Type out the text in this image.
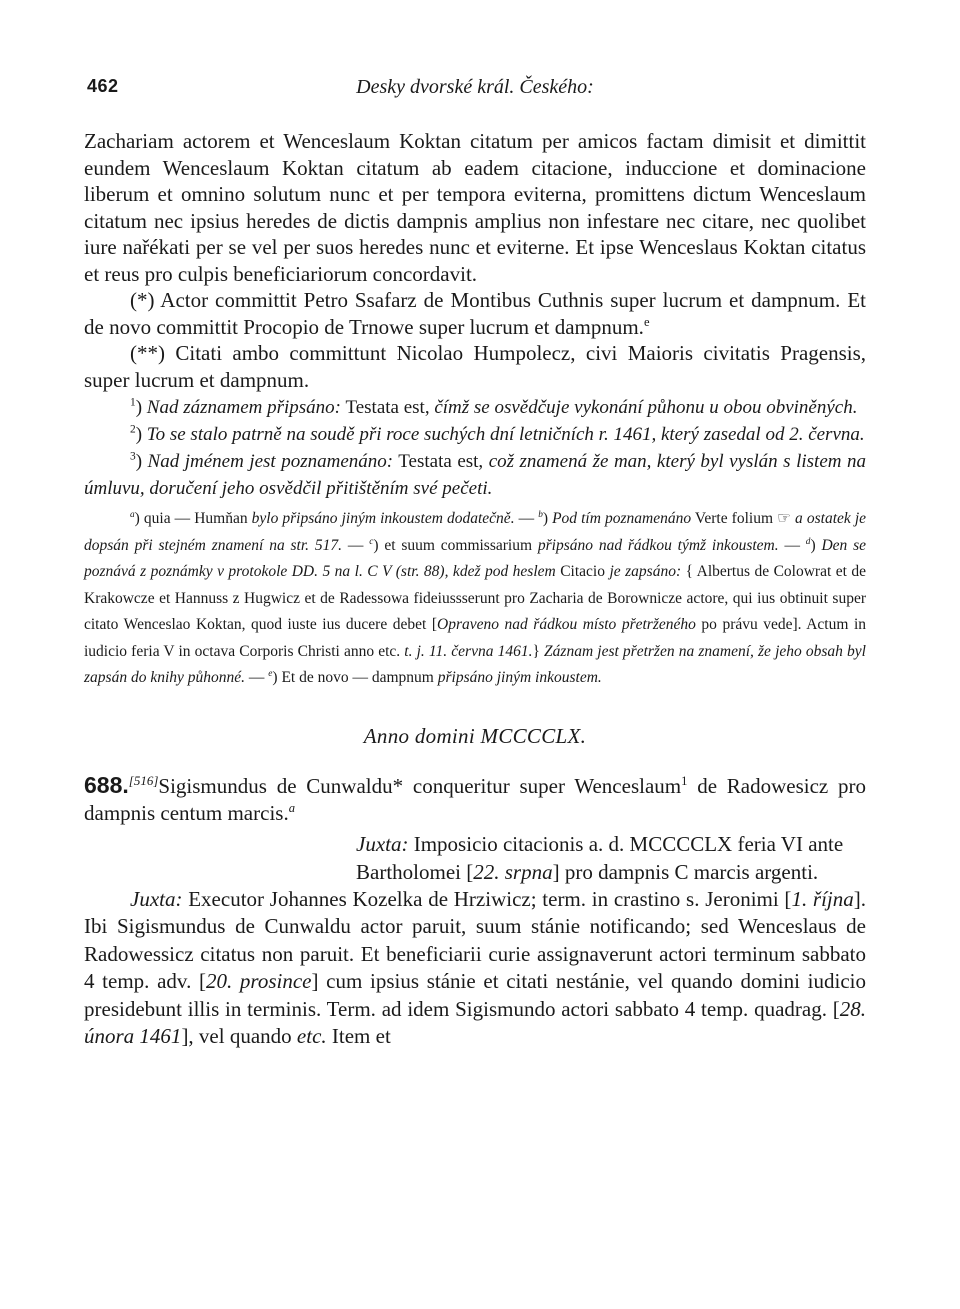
462	Desky dvorské král. Českého:

Zachariam actorem et Wenceslaum Koktan citatum per amicos factam dimisit et dimittit eundem Wenceslaum Koktan citatum ab eadem citacione, induccione et dominacione liberum et omnino solutum nunc et per tempora eviterna, promittens dictum Wenceslaum citatum nec ipsius heredes de dictis dampnis amplius non infestare nec citare, nec quolibet iure nařékati per se vel per suos heredes nunc et eviterne. Et ipse Wenceslaus Koktan citatus et reus pro culpis beneficiariorum concordavit.

(*) Actor committit Petro Ssafarz de Montibus Cuthnis super lucrum et dampnum. Et de novo committit Procopio de Trnowe super lucrum et dampnum.$^e$

(**) Citati ambo committunt Nicolao Humpolecz, civi Maioris civitatis Pragensis, super lucrum et dampnum.

$^1$) Nad záznamem připsáno: Testata est, čímž se osvědčuje vykonání půhonu u obou obviněných.

$^2$) To se stalo patrně na soudě při roce suchých dní letničních r. 1461, který zasedal od 2. června.

$^3$) Nad jménem jest poznamenáno: Testata est, což znamená že man, který byl vyslán s listem na úmluvu, doručení jeho osvědčil přitištěním své pečeti.

$^a$) quia — Humňan bylo připsáno jiným inkoustem dodatečně. — $^b$) Pod tím poznamenáno Verte folium ☞ a ostatek je dopsán při stejném znamení na str. 517. — $^c$) et suum commissarium připsáno nad řádkou týmž inkoustem. — $^d$) Den se poznává z poznámky v protokole DD. 5 na l. C V (str. 88), kdež pod heslem Citacio je zapsáno: { Albertus de Colowrat et de Krakowcze et Hannuss z Hugwicz et de Radessowa fideiussserunt pro Zacharia de Borownicze actore, qui ius obtinuit super citato Wenceslao Koktan, quod iuste ius ducere debet [Opraveno nad řádkou místo přetrženého po právu vede]. Actum in iudicio feria V in octava Corporis Christi anno etc. t. j. 11. června 1461.} Záznam jest přetržen na znamení, že jeho obsah byl zapsán do knihy půhonné. — $^e$) Et de novo — dampnum připsáno jiným inkoustem.

Anno domini MCCCCLX.

688.[516]Sigismundus de Cunwaldu* conqueritur super Wenceslaum$^1$ de Radowesicz pro dampnis centum marcis.$^a$

Juxta: Imposicio citacionis a. d. MCCCCLX feria VI ante Bartholomei [22. srpna] pro dampnis C marcis argenti.
Juxta: Executor Johannes Kozelka de Hrziwicz; term. in crastino s. Jeronimi [1. října]. Ibi Sigismundus de Cunwaldu actor paruit, suum stánie notificando; sed Wenceslaus de Radowessicz citatus non paruit. Et beneficiarii curie assignaverunt actori terminum sabbato 4 temp. adv. [20. prosince] cum ipsius stánie et citati nestánie, vel quando domini iudicio presidebunt illis in terminis. Term. ad idem Sigismundo actori sabbato 4 temp. quadrag. [28. února 1461], vel quando etc. Item et
